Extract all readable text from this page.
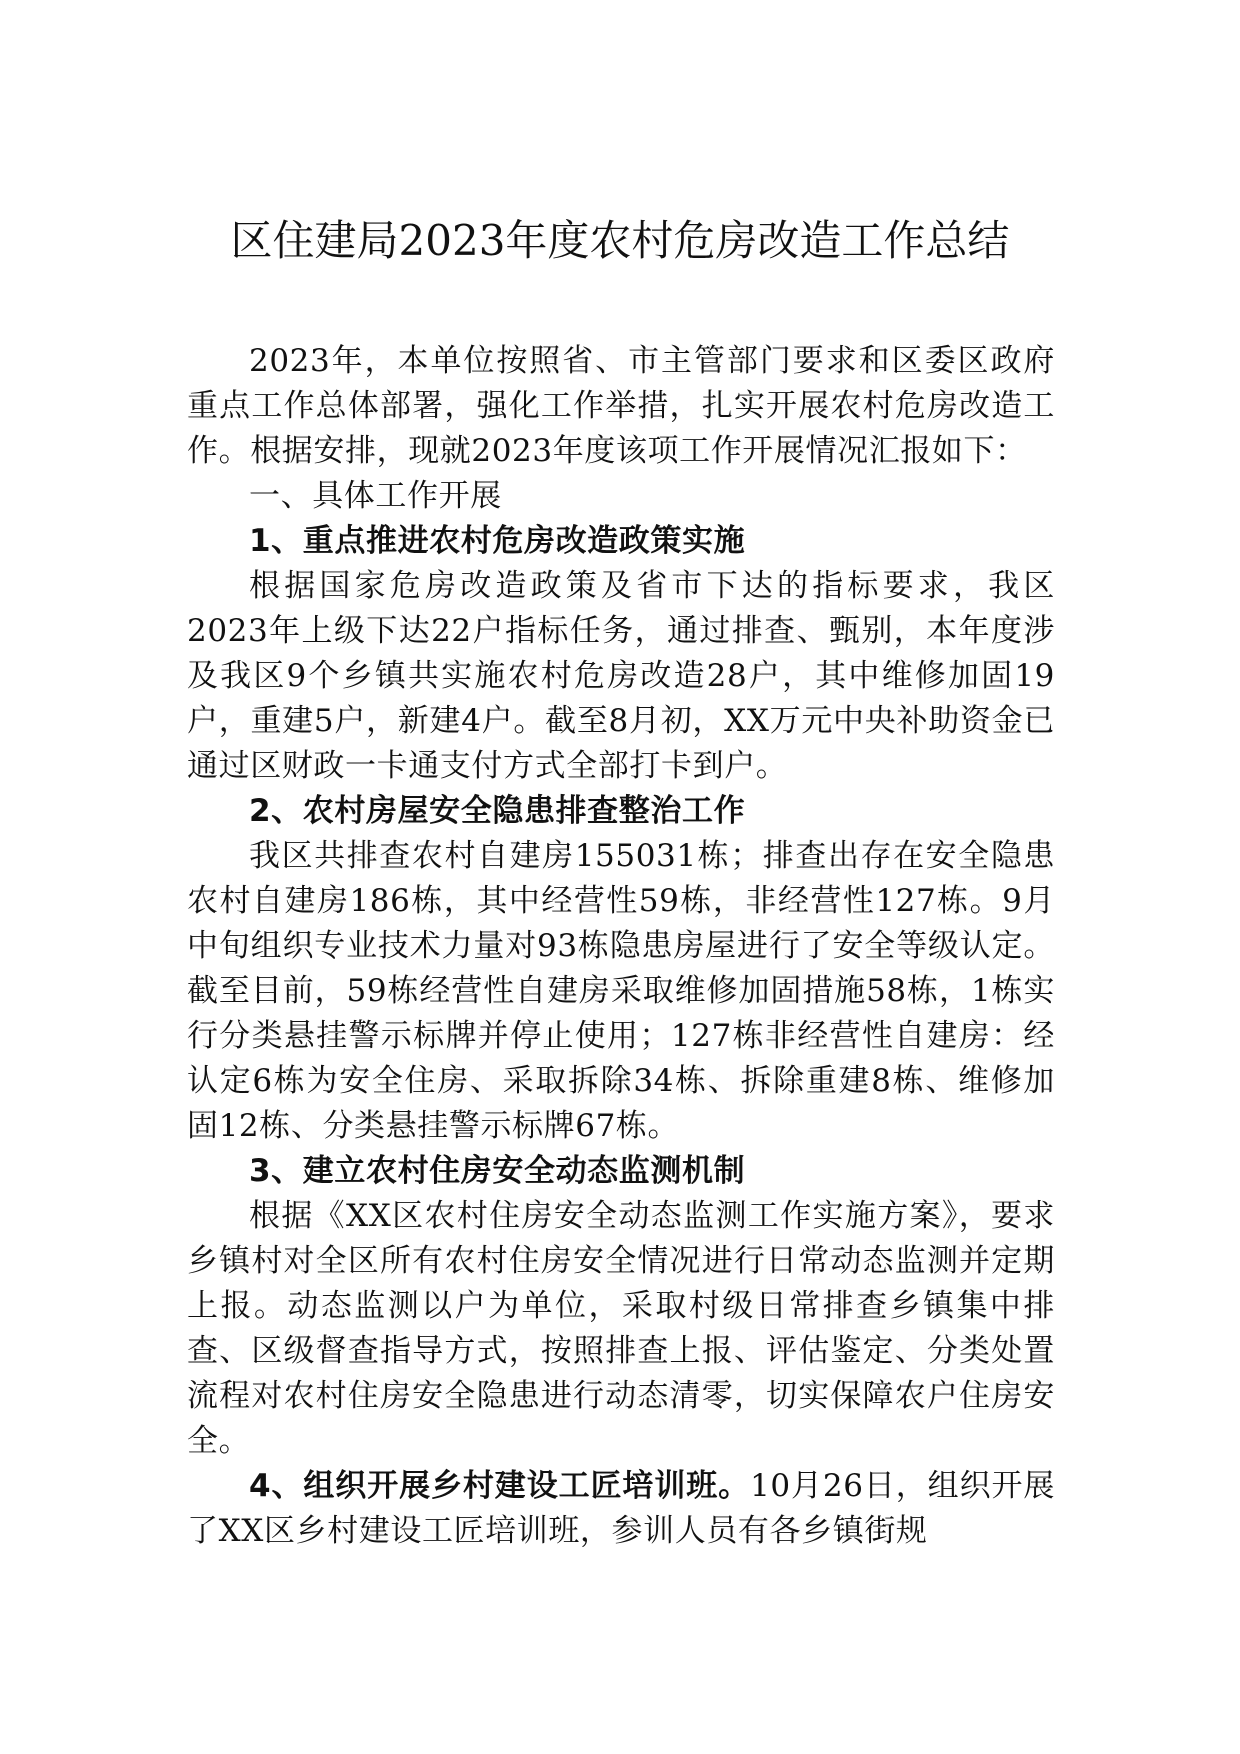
区住建局2023年度农村危房改造工作总结

2023年，本单位按照省、市主管部门要求和区委区政府重点工作总体部署，强化工作举措，扎实开展农村危房改造工作。根据安排，现就2023年度该项工作开展情况汇报如下：

一、具体工作开展

1、重点推进农村危房改造政策实施

根据国家危房改造政策及省市下达的指标要求，我区2023年上级下达22户指标任务，通过排查、甄别，本年度涉及我区9个乡镇共实施农村危房改造28户，其中维修加固19户，重建5户，新建4户。截至8月初，XX万元中央补助资金已通过区财政一卡通支付方式全部打卡到户。

2、农村房屋安全隐患排查整治工作

我区共排查农村自建房155031栋；排查出存在安全隐患农村自建房186栋，其中经营性59栋，非经营性127栋。9月中旬组织专业技术力量对93栋隐患房屋进行了安全等级认定。截至目前，59栋经营性自建房采取维修加固措施58栋，1栋实行分类悬挂警示标牌并停止使用；127栋非经营性自建房：经认定6栋为安全住房、采取拆除34栋、拆除重建8栋、维修加固12栋、分类悬挂警示标牌67栋。

3、建立农村住房安全动态监测机制

根据《XX区农村住房安全动态监测工作实施方案》，要求乡镇村对全区所有农村住房安全情况进行日常动态监测并定期上报。动态监测以户为单位，采取村级日常排查乡镇集中排查、区级督查指导方式，按照排查上报、评估鉴定、分类处置流程对农村住房安全隐患进行动态清零，切实保障农户住房安全。

4、组织开展乡村建设工匠培训班。10月26日，组织开展了XX区乡村建设工匠培训班，参训人员有各乡镇街规
